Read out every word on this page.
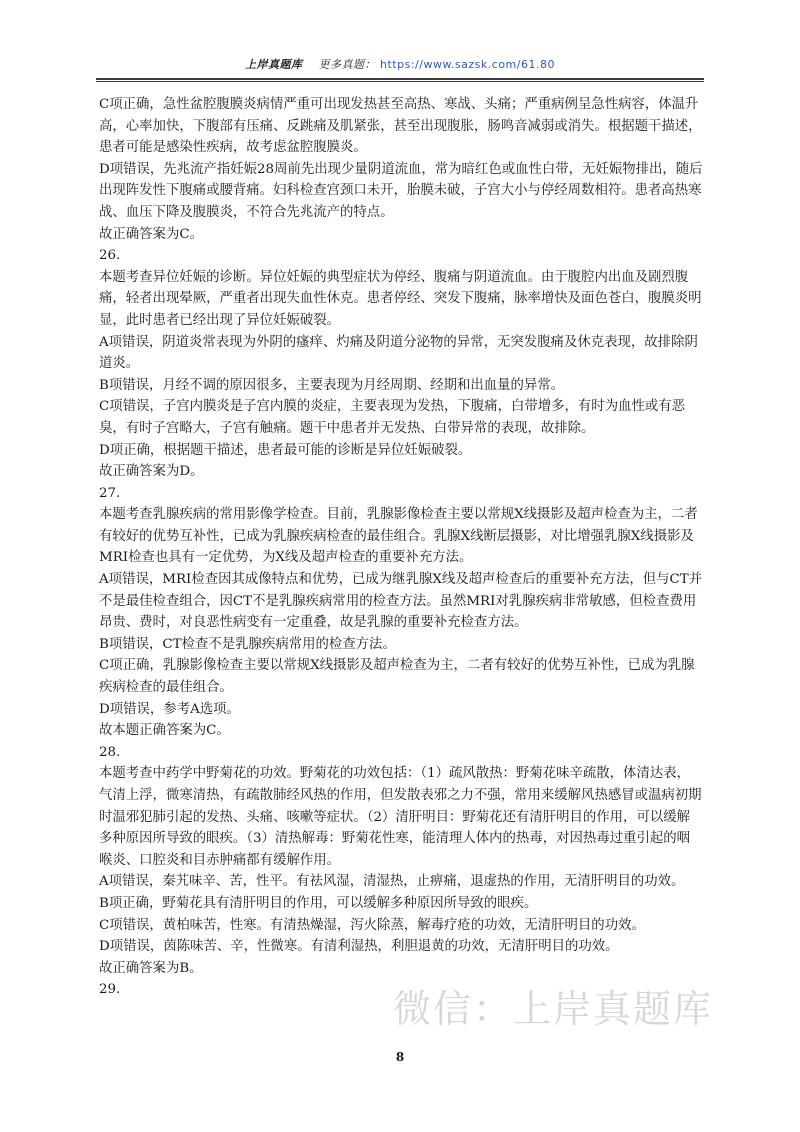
上岸真题库 更多真题： https://www.sazsk.com/61.80

C项正确，急性盆腔腹膜炎病情严重可出现发热甚至高热、寒战、头痛；严重病例呈急性病容，体温升高，心率加快，下腹部有压痛、反跳痛及肌紧张，甚至出现腹胀，肠鸣音减弱或消失。根据题干描述，患者可能是感染性疾病，故考虑盆腔腹膜炎。

D项错误，先兆流产指妊娠28周前先出现少量阴道流血，常为暗红色或血性白带，无妊娠物排出，随后出现阵发性下腹痛或腰背痛。妇科检查宫颈口未开，胎膜未破，子宫大小与停经周数相符。患者高热寒战、血压下降及腹膜炎，不符合先兆流产的特点。

故正确答案为C。

26.

本题考查异位妊娠的诊断。异位妊娠的典型症状为停经、腹痛与阴道流血。由于腹腔内出血及剧烈腹痛，轻者出现晕厥，严重者出现失血性休克。患者停经、突发下腹痛，脉率增快及面色苍白，腹膜炎明显，此时患者已经出现了异位妊娠破裂。

A项错误，阴道炎常表现为外阴的瘙痒、灼痛及阴道分泌物的异常，无突发腹痛及休克表现，故排除阴道炎。

B项错误，月经不调的原因很多，主要表现为月经周期、经期和出血量的异常。

C项错误，子宫内膜炎是子宫内膜的炎症，主要表现为发热，下腹痛，白带增多，有时为血性或有恶臭，有时子宫略大，子宫有触痛。题干中患者并无发热、白带异常的表现，故排除。

D项正确，根据题干描述，患者最可能的诊断是异位妊娠破裂。

故正确答案为D。

27.

本题考查乳腺疾病的常用影像学检查。目前，乳腺影像检查主要以常规X线摄影及超声检查为主，二者有较好的优势互补性，已成为乳腺疾病检查的最佳组合。乳腺X线断层摄影，对比增强乳腺X线摄影及MRI检查也具有一定优势，为X线及超声检查的重要补充方法。

A项错误，MRI检查因其成像特点和优势，已成为继乳腺X线及超声检查后的重要补充方法，但与CT并不是最佳检查组合，因CT不是乳腺疾病常用的检查方法。虽然MRI对乳腺疾病非常敏感，但检查费用昂贵、费时，对良恶性病变有一定重叠，故是乳腺的重要补充检查方法。

B项错误，CT检查不是乳腺疾病常用的检查方法。

C项正确，乳腺影像检查主要以常规X线摄影及超声检查为主，二者有较好的优势互补性，已成为乳腺疾病检查的最佳组合。

D项错误，参考A选项。

故本题正确答案为C。

28.

本题考查中药学中野菊花的功效。野菊花的功效包括：（1）疏风散热：野菊花味辛疏散，体清达表，气清上浮，微寒清热，有疏散肺经风热的作用，但发散表邪之力不强，常用来缓解风热感冒或温病初期时温邪犯肺引起的发热、头痛、咳嗽等症状。（2）清肝明目：野菊花还有清肝明目的作用，可以缓解多种原因所导致的眼疾。（3）清热解毒：野菊花性寒，能清理人体内的热毒，对因热毒过重引起的咽喉炎、口腔炎和目赤肿痛都有缓解作用。

A项错误，秦艽味辛、苦，性平。有祛风湿，清湿热，止痹痛，退虚热的作用，无清肝明目的功效。

B项正确，野菊花具有清肝明目的作用，可以缓解多种原因所导致的眼疾。

C项错误，黄柏味苦，性寒。有清热燥湿，泻火除蒸，解毒疗疮的功效，无清肝明目的功效。

D项错误，茵陈味苦、辛，性微寒。有清利湿热，利胆退黄的功效，无清肝明目的功效。

故正确答案为B。

29.	微信：上岸真题库
8
